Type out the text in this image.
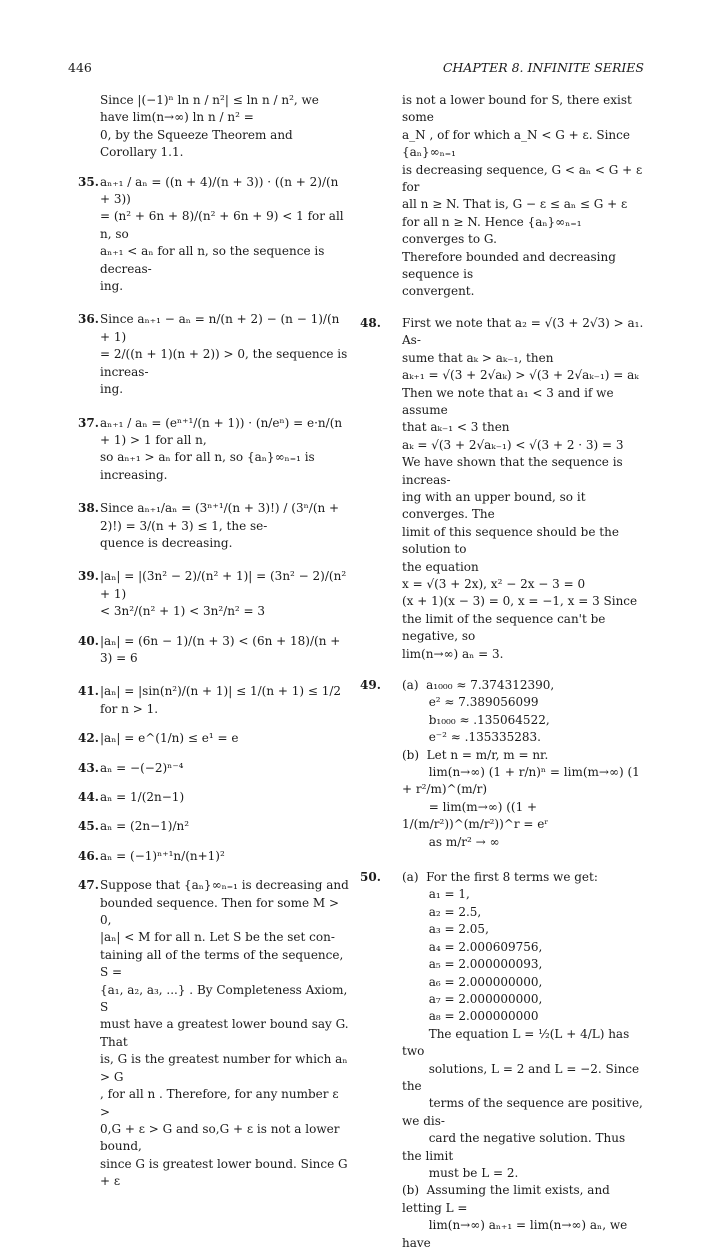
446	CHAPTER 8. INFINITE SERIES
Since |(−1)ⁿ ln n / n²| ≤ ln n / n², we have lim(n→∞) ln n / n² =
0, by the Squeeze Theorem and Corollary 1.1.
35. aₙ₊₁ / aₙ = ((n + 4)/(n + 3)) · ((n + 2)/(n + 3))
= (n² + 6n + 8)/(n² + 6n + 9) < 1 for all n, so
aₙ₊₁ < aₙ for all n, so the sequence is decreas-
ing.
36. Since aₙ₊₁ − aₙ = n/(n + 2) − (n − 1)/(n + 1)
= 2/((n + 1)(n + 2)) > 0, the sequence is increas-
ing.
37. aₙ₊₁ / aₙ = (eⁿ⁺¹/(n + 1)) · (n/eⁿ) = e·n/(n + 1) > 1 for all n,
so aₙ₊₁ > aₙ for all n, so {aₙ}∞ₙ₌₁ is increasing.
38. Since aₙ₊₁/aₙ = (3ⁿ⁺¹/(n + 3)!) / (3ⁿ/(n + 2)!) = 3/(n + 3) ≤ 1, the se-
quence is decreasing.
39. |aₙ| = |(3n² − 2)/(n² + 1)| = (3n² − 2)/(n² + 1)
< 3n²/(n² + 1) < 3n²/n² = 3
40. |aₙ| = (6n − 1)/(n + 3) < (6n + 18)/(n + 3) = 6
41. |aₙ| = |sin(n²)/(n + 1)| ≤ 1/(n + 1) ≤ 1/2 for n > 1.
42. |aₙ| = e^(1/n) ≤ e¹ = e
43. aₙ = −(−2)ⁿ⁻⁴
44. aₙ = 1/(2n−1)
45. aₙ = (2n−1)/n²
46. aₙ = (−1)ⁿ⁺¹n/(n+1)²
47. Suppose that {aₙ}∞ₙ₌₁ is decreasing and
bounded sequence. Then for some M > 0,
|aₙ| < M for all n. Let S be the set con-
taining all of the terms of the sequence, S =
{a₁, a₂, a₃, ...} . By Completeness Axiom, S
must have a greatest lower bound say G. That
is, G is the greatest number for which aₙ > G
, for all n . Therefore, for any number ε >
0,G + ε > G and so,G + ε is not a lower bound,
since G is greatest lower bound. Since G + ε
is not a lower bound for S, there exist some
a_N , of for which a_N < G + ε. Since {aₙ}∞ₙ₌₁
is decreasing sequence, G < aₙ < G + ε for
all n ≥ N. That is, G − ε ≤ aₙ ≤ G + ε
for all n ≥ N. Hence {aₙ}∞ₙ₌₁ converges to G.
Therefore bounded and decreasing sequence is
convergent.
48. First we note that a₂ = √(3 + 2√3) > a₁. As-
sume that aₖ > aₖ₋₁, then
aₖ₊₁ = √(3 + 2√aₖ) > √(3 + 2√aₖ₋₁) = aₖ
Then we note that a₁ < 3 and if we assume
that aₖ₋₁ < 3 then
aₖ = √(3 + 2√aₖ₋₁) < √(3 + 2 · 3) = 3
We have shown that the sequence is increas-
ing with an upper bound, so it converges. The
limit of this sequence should be the solution to
the equation
x = √(3 + 2x), x² − 2x − 3 = 0
(x + 1)(x − 3) = 0, x = −1, x = 3 Since
the limit of the sequence can't be negative, so
lim(n→∞) aₙ = 3.
49. (a)  a₁₀₀₀ ≈ 7.374312390,
e² ≈ 7.389056099
b₁₀₀₀ ≈ .135064522,
e⁻² ≈ .135335283.
(b)  Let n = m/r, m = nr.
lim(n→∞) (1 + r/n)ⁿ = lim(m→∞) (1 + r²/m)^(m/r)
= lim(m→∞) ((1 + 1/(m/r²))^(m/r²))^r = eʳ
as m/r² → ∞
50. (a)  For the first 8 terms we get:
a₁ = 1,
a₂ = 2.5,
a₃ = 2.05,
a₄ = 2.000609756,
a₅ = 2.000000093,
a₆ = 2.000000000,
a₇ = 2.000000000,
a₈ = 2.000000000
The equation L = ½(L + 4/L) has two
solutions, L = 2 and L = −2. Since the
terms of the sequence are positive, we dis-
card the negative solution. Thus the limit
must be L = 2.
(b)  Assuming the limit exists, and letting L =
lim(n→∞) aₙ₊₁ = lim(n→∞) aₙ, we have
